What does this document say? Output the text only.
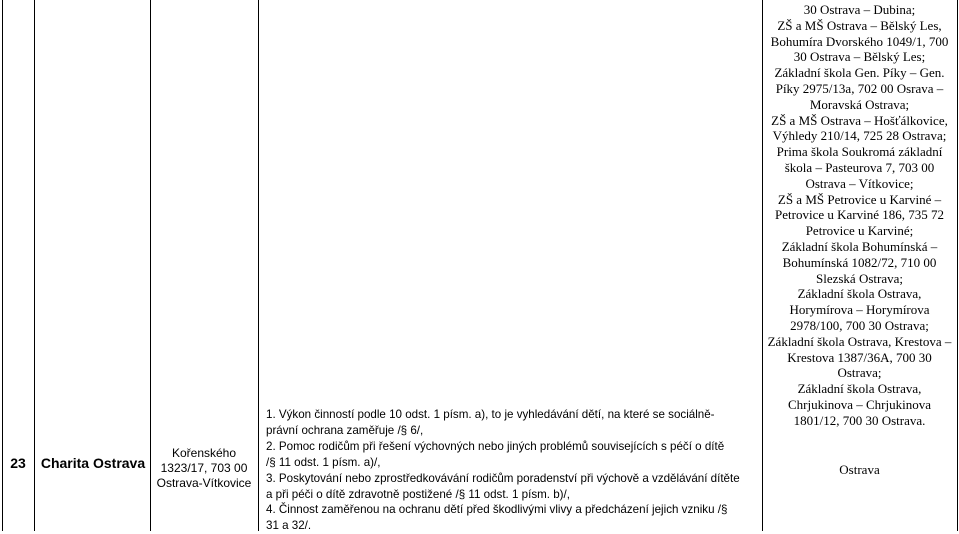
23	Charita Ostrava
Kořenského
1323/17, 703 00
Ostrava-Vítkovice
1. Výkon činností podle 10 odst. 1 písm. a), to je vyhledávání dětí, na které se sociálně-
právní ochrana zaměřuje /§ 6/,
2. Pomoc rodičům při řešení výchovných nebo jiných problémů souvisejících s péčí o dítě
/§ 11 odst. 1 písm. a)/,
3. Poskytování nebo zprostředkovávání rodičům poradenství při výchově a vzdělávání dítěte
a při péči o dítě zdravotně postižené /§ 11 odst. 1 písm. b)/,
4. Činnost zaměřenou na ochranu dětí před škodlivými vlivy a předcházení jejich vzniku /§
31 a 32/.
30 Ostrava – Dubina;
ZŠ a MŠ Ostrava – Bělský Les,
Bohumíra Dvorského 1049/1, 700
30 Ostrava – Bělský Les;
Základní škola Gen. Píky – Gen.
Píky 2975/13a, 702 00 Osrava –
Moravská Ostrava;
ZŠ a MŠ Ostrava – Hošťálkovice,
Výhledy 210/14, 725 28 Ostrava;
Prima škola Soukromá základní
škola – Pasteurova 7, 703 00
Ostrava – Vítkovice;
ZŠ a MŠ Petrovice u Karviné –
Petrovice u Karviné 186, 735 72
Petrovice u Karviné;
Základní škola Bohumínská –
Bohumínská 1082/72, 710 00
Slezská Ostrava;
Základní škola Ostrava,
Horymírova – Horymírova
2978/100, 700 30 Ostrava;
Základní škola Ostrava, Krestova –
Krestova 1387/36A, 700 30
Ostrava;
Základní škola Ostrava,
Chrjukinova – Chrjukinova
1801/12, 700 30 Ostrava.
Ostrava
